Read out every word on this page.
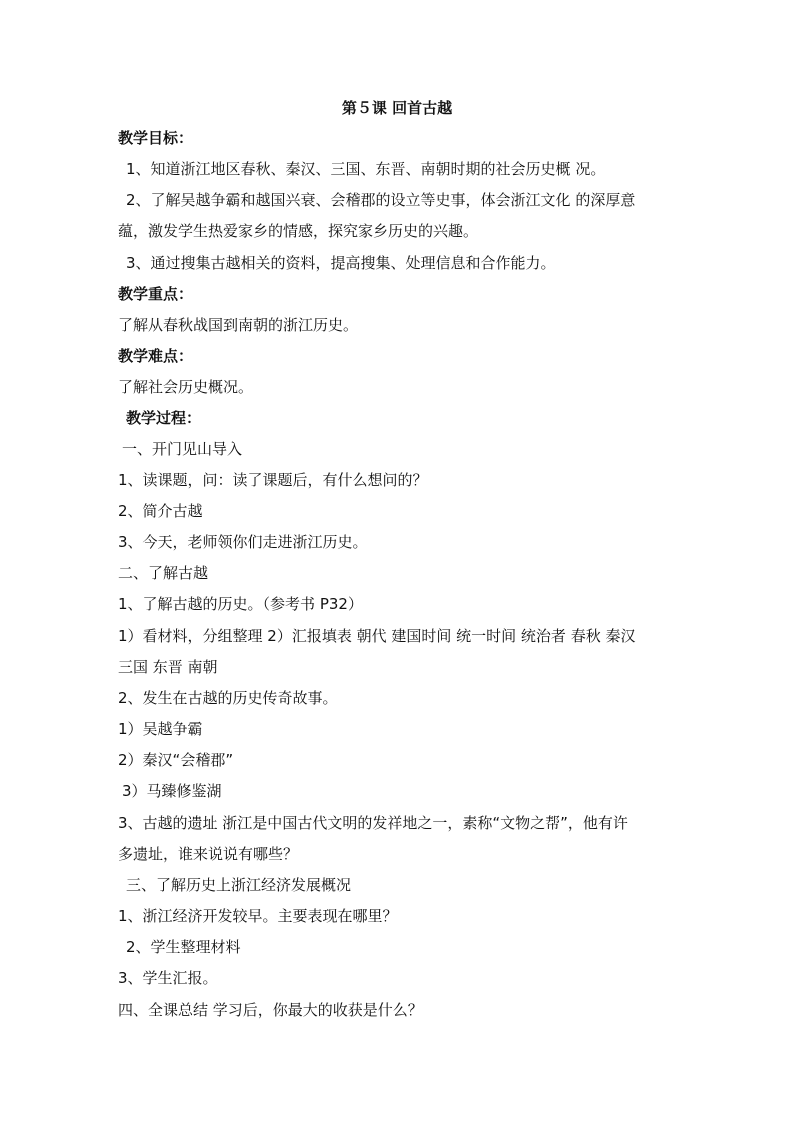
第５课 回首古越
教学目标：
1、知道浙江地区春秋、秦汉、三国、东晋、南朝时期的社会历史概 况。
2、了解吴越争霸和越国兴衰、会稽郡的设立等史事，体会浙江文化 的深厚意
蕴，激发学生热爱家乡的情感，探究家乡历史的兴趣。
3、通过搜集古越相关的资料，提高搜集、处理信息和合作能力。
教学重点：
了解从春秋战国到南朝的浙江历史。
教学难点：
了解社会历史概况。
教学过程：
一、开门见山导入
1、读课题，问：读了课题后，有什么想问的？
2、简介古越
3、今天，老师领你们走进浙江历史。
二、了解古越
1、了解古越的历史。（参考书 P32）
1）看材料，分组整理 2）汇报填表 朝代 建国时间 统一时间 统治者 春秋 秦汉
三国 东晋 南朝
2、发生在古越的历史传奇故事。
1）吴越争霸
2）秦汉“会稽郡”
3）马臻修鉴湖
3、古越的遗址 浙江是中国古代文明的发祥地之一，素称“文物之帮”，他有许
多遗址，谁来说说有哪些？
三、了解历史上浙江经济发展概况
1、浙江经济开发较早。主要表现在哪里？
2、学生整理材料
3、学生汇报。
四、全课总结 学习后，你最大的收获是什么？
